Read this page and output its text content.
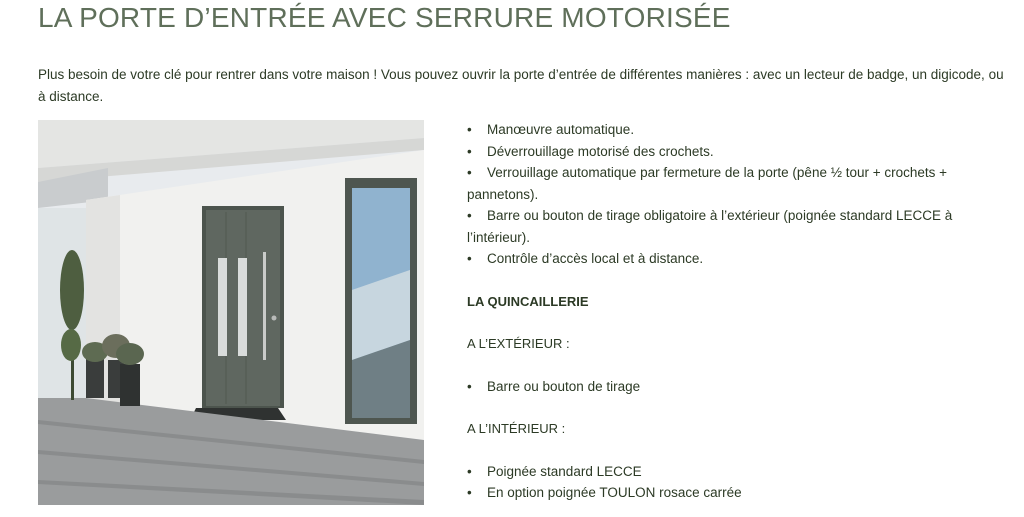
LA PORTE D’ENTRÉE AVEC SERRURE MOTORISÉE

Plus besoin de votre clé pour rentrer dans votre maison ! Vous pouvez ouvrir la porte d’entrée de différentes manières : avec un lecteur de badge, un digicode, ou à distance.

• Manœuvre automatique.
• Déverrouillage motorisé des crochets.
• Verrouillage automatique par fermeture de la porte (pêne ½ tour + crochets + pannetons).
• Barre ou bouton de tirage obligatoire à l’extérieur (poignée standard LECCE à l’intérieur).
• Contrôle d’accès local et à distance.

LA QUINCAILLERIE

A L’EXTÉRIEUR :

• Barre ou bouton de tirage

A L’INTÉRIEUR :

• Poignée standard LECCE
• En option poignée TOULON rosace carrée
